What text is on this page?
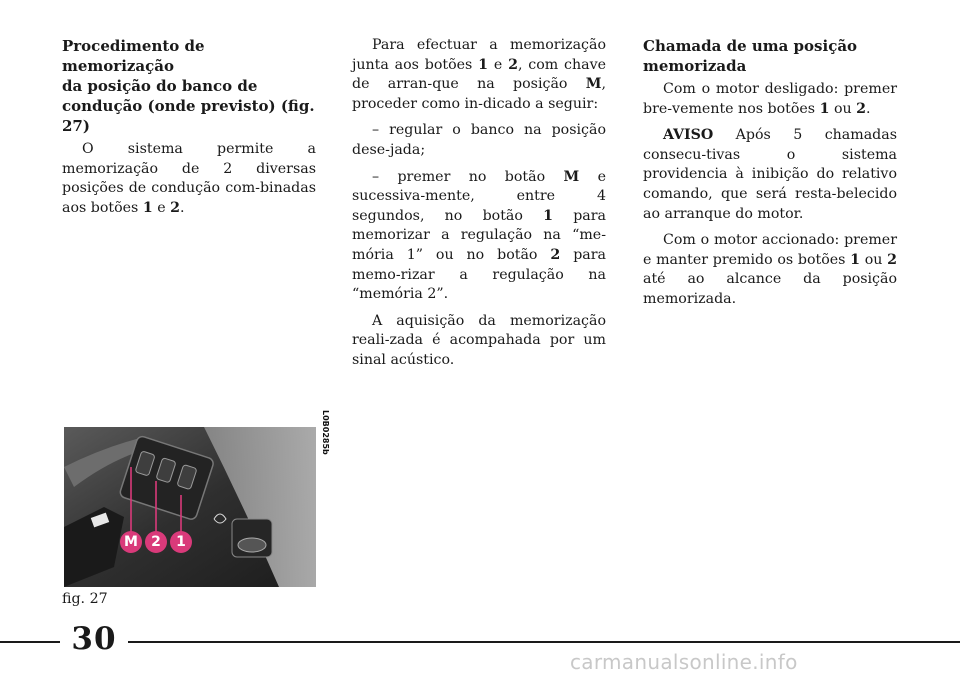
Procedimento de memorização
da posição do banco de
condução (onde previsto) (fig. 27)

O sistema permite a memorização de 2 diversas posições de condução com-binadas aos botões 1 e 2.

Para efectuar a memorização junta aos botões 1 e 2, com chave de arran-que na posição M, proceder como in-dicado a seguir:

– regular o banco na posição dese-jada;

– premer no botão M e sucessiva-mente, entre 4 segundos, no botão 1 para memorizar a regulação na “me-mória 1” ou no botão 2 para memo-rizar a regulação na “memória 2”.

A aquisição da memorização reali-zada é acompahada por um sinal acústico.

Chamada de uma posição
memorizada

Com o motor desligado: premer bre-vemente nos botões 1 ou 2.

AVISO Após 5 chamadas consecu-tivas o sistema providencia à inibição do relativo comando, que será resta-belecido ao arranque do motor.

Com o motor accionado: premer e manter premido os botões 1 ou 2 até ao alcance da posição memorizada.

M 2	1
L0B0285b
fig. 27
30
carmanualsonline.info
